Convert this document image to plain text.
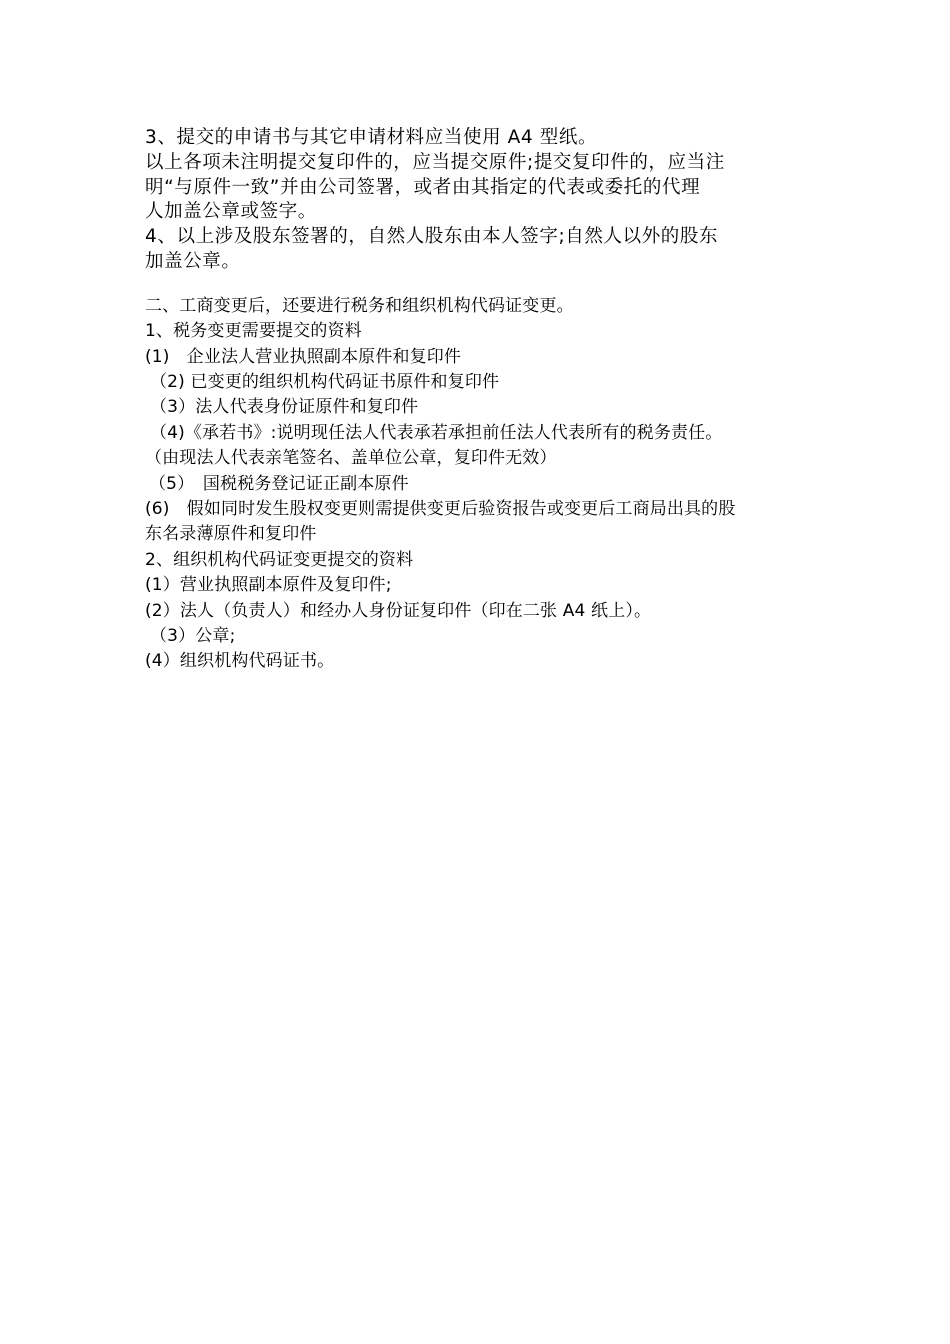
3、提交的申请书与其它申请材料应当使用 A4 型纸。

以上各项未注明提交复印件的，应当提交原件;提交复印件的，应当注

明“与原件一致”并由公司签署，或者由其指定的代表或委托的代理

人加盖公章或签字。

4、以上涉及股东签署的，自然人股东由本人签字;自然人以外的股东

加盖公章。

二、工商变更后，还要进行税务和组织机构代码证变更。

1、税务变更需要提交的资料

(1)　企业法人营业执照副本原件和复印件

（2) 已变更的组织机构代码证书原件和复印件

（3）法人代表身份证原件和复印件

（4)《承若书》:说明现任法人代表承若承担前任法人代表所有的税务责任。

（由现法人代表亲笔签名、盖单位公章，复印件无效）

（5）　国税税务登记证正副本原件

(6)　假如同时发生股权变更则需提供变更后验资报告或变更后工商局出具的股

东名录薄原件和复印件

2、组织机构代码证变更提交的资料

(1）营业执照副本原件及复印件;

(2）法人（负责人）和经办人身份证复印件（印在二张 A4 纸上）。

（3）公章;

(4）组织机构代码证书。
